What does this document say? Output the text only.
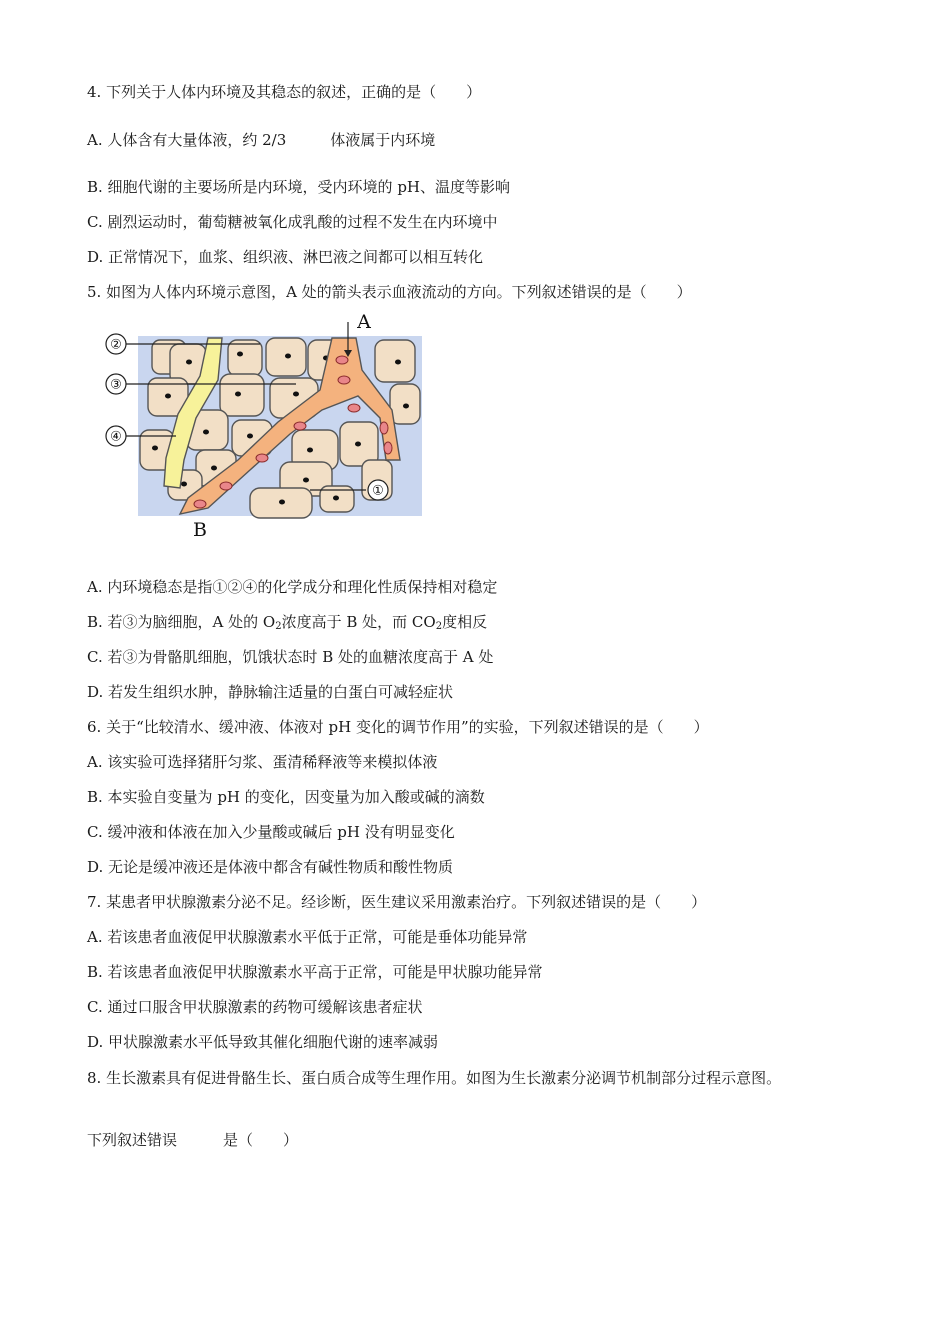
4. 下列关于人体内环境及其稳态的叙述，正确的是（　　）
A. 人体含有大量体液，约 2/3	体液属于内环境
B. 细胞代谢的主要场所是内环境，受内环境的 pH、温度等影响
C. 剧烈运动时，葡萄糖被氧化成乳酸的过程不发生在内环境中
D. 正常情况下，血浆、组织液、淋巴液之间都可以相互转化
5. 如图为人体内环境示意图，A 处的箭头表示血液流动的方向。下列叙述错误的是（　　）
②
③
④
①
A
B
A. 内环境稳态是指①②④的化学成分和理化性质保持相对稳定
B. 若③为脑细胞，A 处的 $O_2$浓度高于 B 处，而 $CO_2$度相反
C. 若③为骨骼肌细胞，饥饿状态时 B 处的血糖浓度高于 A 处
D. 若发生组织水肿，静脉输注适量的白蛋白可减轻症状
6. 关于“比较清水、缓冲液、体液对 pH 变化的调节作用”的实验，下列叙述错误的是（　　）
A. 该实验可选择猪肝匀浆、蛋清稀释液等来模拟体液
B. 本实验自变量为 pH 的变化，因变量为加入酸或碱的滴数
C. 缓冲液和体液在加入少量酸或碱后 pH 没有明显变化
D. 无论是缓冲液还是体液中都含有碱性物质和酸性物质
7. 某患者甲状腺激素分泌不足。经诊断，医生建议采用激素治疗。下列叙述错误的是（　　）
A. 若该患者血液促甲状腺激素水平低于正常，可能是垂体功能异常
B. 若该患者血液促甲状腺激素水平高于正常，可能是甲状腺功能异常
C. 通过口服含甲状腺激素的药物可缓解该患者症状
D. 甲状腺激素水平低导致其催化细胞代谢的速率减弱
8. 生长激素具有促进骨骼生长、蛋白质合成等生理作用。如图为生长激素分泌调节机制部分过程示意图。
下列叙述错误	是（　　）
